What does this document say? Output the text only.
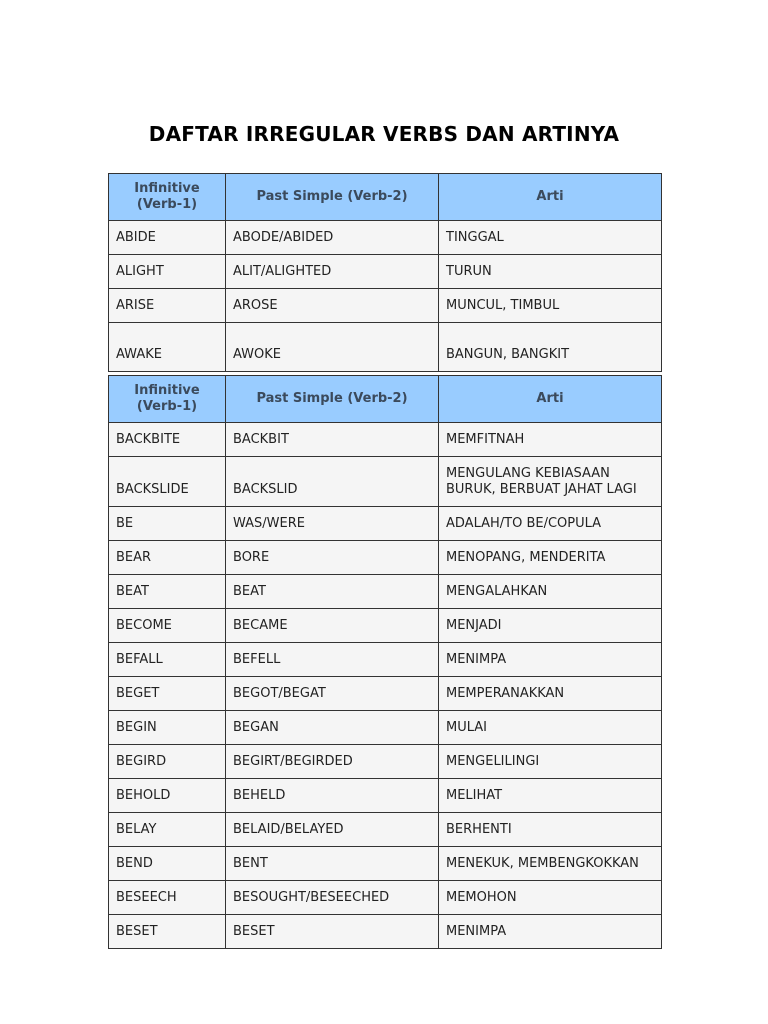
DAFTAR IRREGULAR VERBS DAN ARTINYA
Infinitive (Verb-1)	Past Simple (Verb-2)	Arti
ABIDE	ABODE/ABIDED	TINGGAL
ALIGHT	ALIT/ALIGHTED	TURUN
ARISE	AROSE	MUNCUL, TIMBUL
AWAKE	AWOKE	BANGUN, BANGKIT
Infinitive (Verb-1)	Past Simple (Verb-2)	Arti
BACKBITE	BACKBIT	MEMFITNAH
BACKSLIDE	BACKSLID	MENGULANG KEBIASAAN BURUK, BERBUAT JAHAT LAGI
BE	WAS/WERE	ADALAH/TO BE/COPULA
BEAR	BORE	MENOPANG, MENDERITA
BEAT	BEAT	MENGALAHKAN
BECOME	BECAME	MENJADI
BEFALL	BEFELL	MENIMPA
BEGET	BEGOT/BEGAT	MEMPERANAKKAN
BEGIN	BEGAN	MULAI
BEGIRD	BEGIRT/BEGIRDED	MENGELILINGI
BEHOLD	BEHELD	MELIHAT
BELAY	BELAID/BELAYED	BERHENTI
BEND	BENT	MENEKUK, MEMBENGKOKKAN
BESEECH	BESOUGHT/BESEECHED	MEMOHON
BESET	BESET	MENIMPA
